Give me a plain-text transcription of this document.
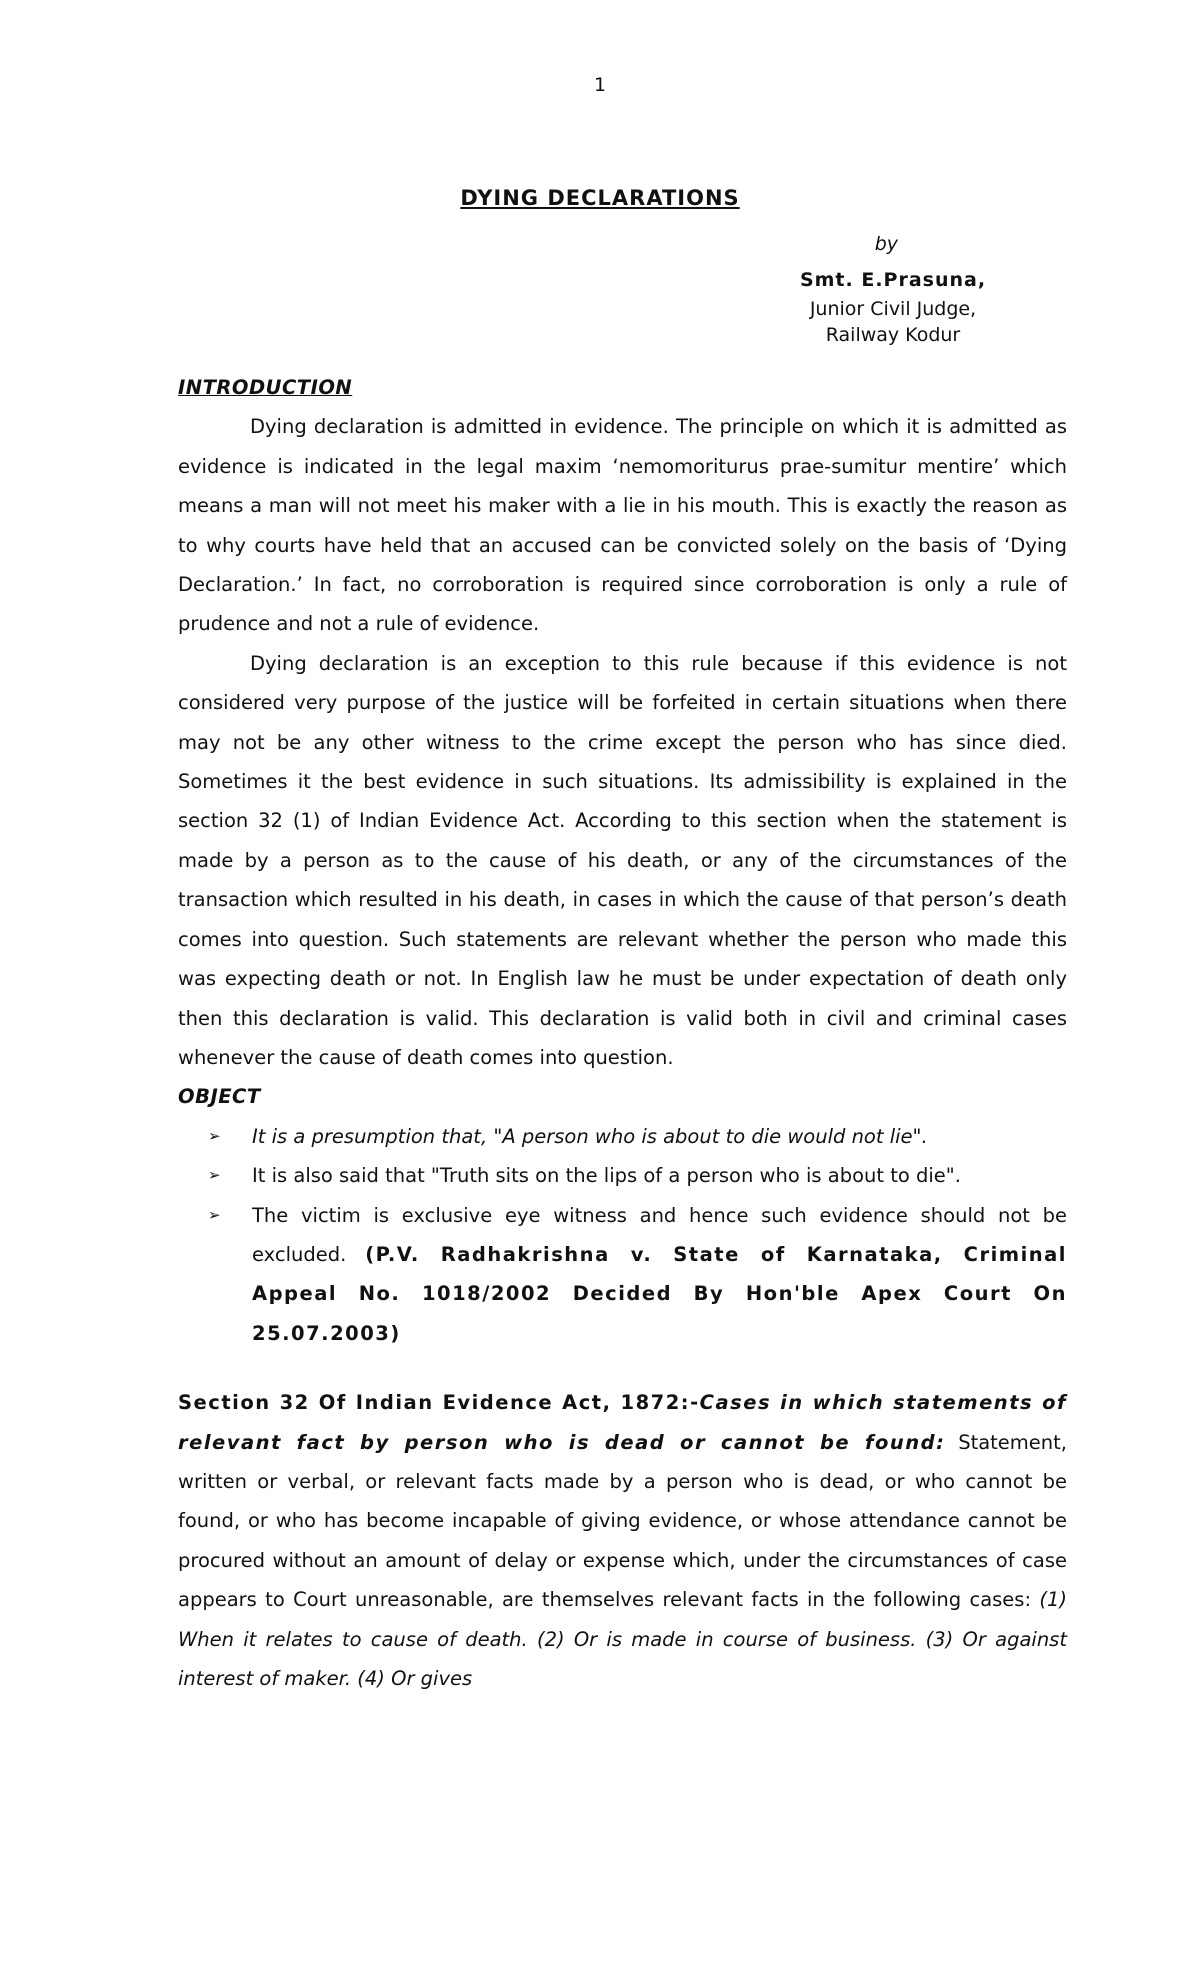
1
DYING DECLARATIONS
by
Smt. E.Prasuna,
Junior Civil Judge,
Railway Kodur
INTRODUCTION

Dying declaration is admitted in evidence. The principle on which it is admitted as evidence is indicated in the legal maxim ‘nemomoriturus prae-sumitur mentire’ which means a man will not meet his maker with a lie in his mouth. This is exactly the reason as to why courts have held that an accused can be convicted solely on the basis of ‘Dying Declaration.’ In fact, no corroboration is required since corroboration is only a rule of prudence and not a rule of evidence.

Dying declaration is an exception to this rule because if this evidence is not considered very purpose of the justice will be forfeited in certain situations when there may not be any other witness to the crime except the person who has since died. Sometimes it the best evidence in such situations. Its admissibility is explained in the section 32 (1) of Indian Evidence Act. According to this section when the statement is made by a person as to the cause of his death, or any of the circumstances of the transaction which resulted in his death, in cases in which the cause of that person’s death comes into question. Such statements are relevant whether the person who made this was expecting death or not. In English law he must be under expectation of death only then this declaration is valid. This declaration is valid both in civil and criminal cases whenever the cause of death comes into question.

OBJECT
➢ It is a presumption that, "A person who is about to die would not lie".
➢ It is also said that "Truth sits on the lips of a person who is about to die".
➢ The victim is exclusive eye witness and hence such evidence should not be excluded. (P.V. Radhakrishna v. State of Karnataka, Criminal Appeal No. 1018/2002 Decided By Hon'ble Apex Court On 25.07.2003)
Section 32 Of Indian Evidence Act, 1872:-Cases in which statements of relevant fact by person who is dead or cannot be found: Statement, written or verbal, or relevant facts made by a person who is dead, or who cannot be found, or who has become incapable of giving evidence, or whose attendance cannot be procured without an amount of delay or expense which, under the circumstances of case appears to Court unreasonable, are themselves relevant facts in the following cases: (1) When it relates to cause of death. (2) Or is made in course of business. (3) Or against interest of maker. (4) Or gives
